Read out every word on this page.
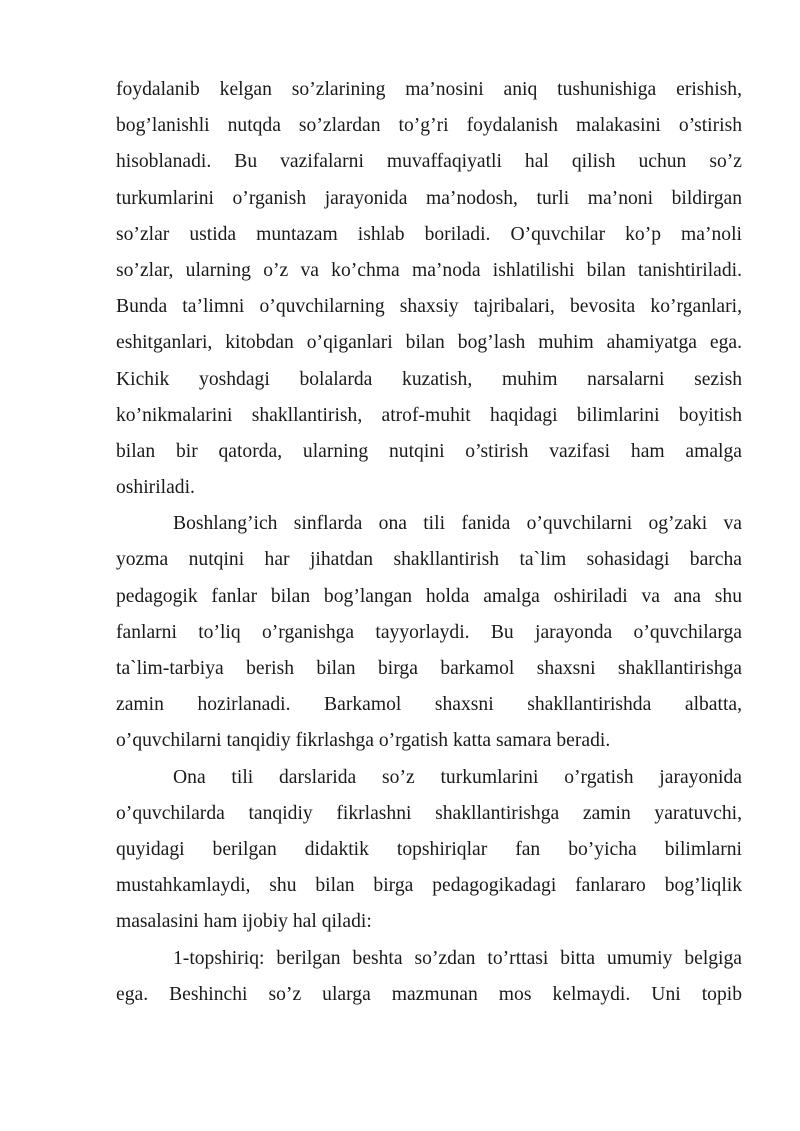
foydalanib kelgan so’zlarining ma’nosini aniq tushunishiga erishish,
bog’lanishli nutqda so’zlardan to’g’ri foydalanish malakasini o’stirish
hisoblanadi. Bu vazifalarni muvaffaqiyatli hal qilish uchun so’z
turkumlarini o’rganish jarayonida ma’nodosh, turli ma’noni bildirgan
so’zlar ustida muntazam ishlab boriladi. O’quvchilar ko’p ma’noli
so’zlar, ularning o’z va ko’chma ma’noda ishlatilishi bilan tanishtiriladi.
Bunda ta’limni o’quvchilarning shaxsiy tajribalari, bevosita ko’rganlari,
eshitganlari, kitobdan o’qiganlari bilan bog’lash muhim ahamiyatga ega.
Kichik yoshdagi bolalarda kuzatish, muhim narsalarni sezish
ko’nikmalarini shakllantirish, atrof-muhit haqidagi bilimlarini boyitish
bilan bir qatorda, ularning nutqini o’stirish vazifasi ham amalga
oshiriladi.
Boshlang’ich sinflarda ona tili fanida o’quvchilarni og’zaki va
yozma nutqini har jihatdan shakllantirish ta`lim sohasidagi barcha
pedagogik fanlar bilan bog’langan holda amalga oshiriladi va ana shu
fanlarni to’liq o’rganishga tayyorlaydi. Bu jarayonda o’quvchilarga
ta`lim-tarbiya berish bilan birga barkamol shaxsni shakllantirishga
zamin hozirlanadi. Barkamol shaxsni shakllantirishda albatta,
o’quvchilarni tanqidiy fikrlashga o’rgatish katta samara beradi.
Ona tili darslarida so’z turkumlarini o’rgatish jarayonida
o’quvchilarda tanqidiy fikrlashni shakllantirishga zamin yaratuvchi,
quyidagi berilgan didaktik topshiriqlar fan bo’yicha bilimlarni
mustahkamlaydi, shu bilan birga pedagogikadagi fanlararo bog’liqlik
masalasini ham ijobiy hal qiladi:
1-topshiriq: berilgan beshta so’zdan to’rttasi bitta umumiy belgiga
ega. Beshinchi so’z ularga mazmunan mos kelmaydi. Uni topib
